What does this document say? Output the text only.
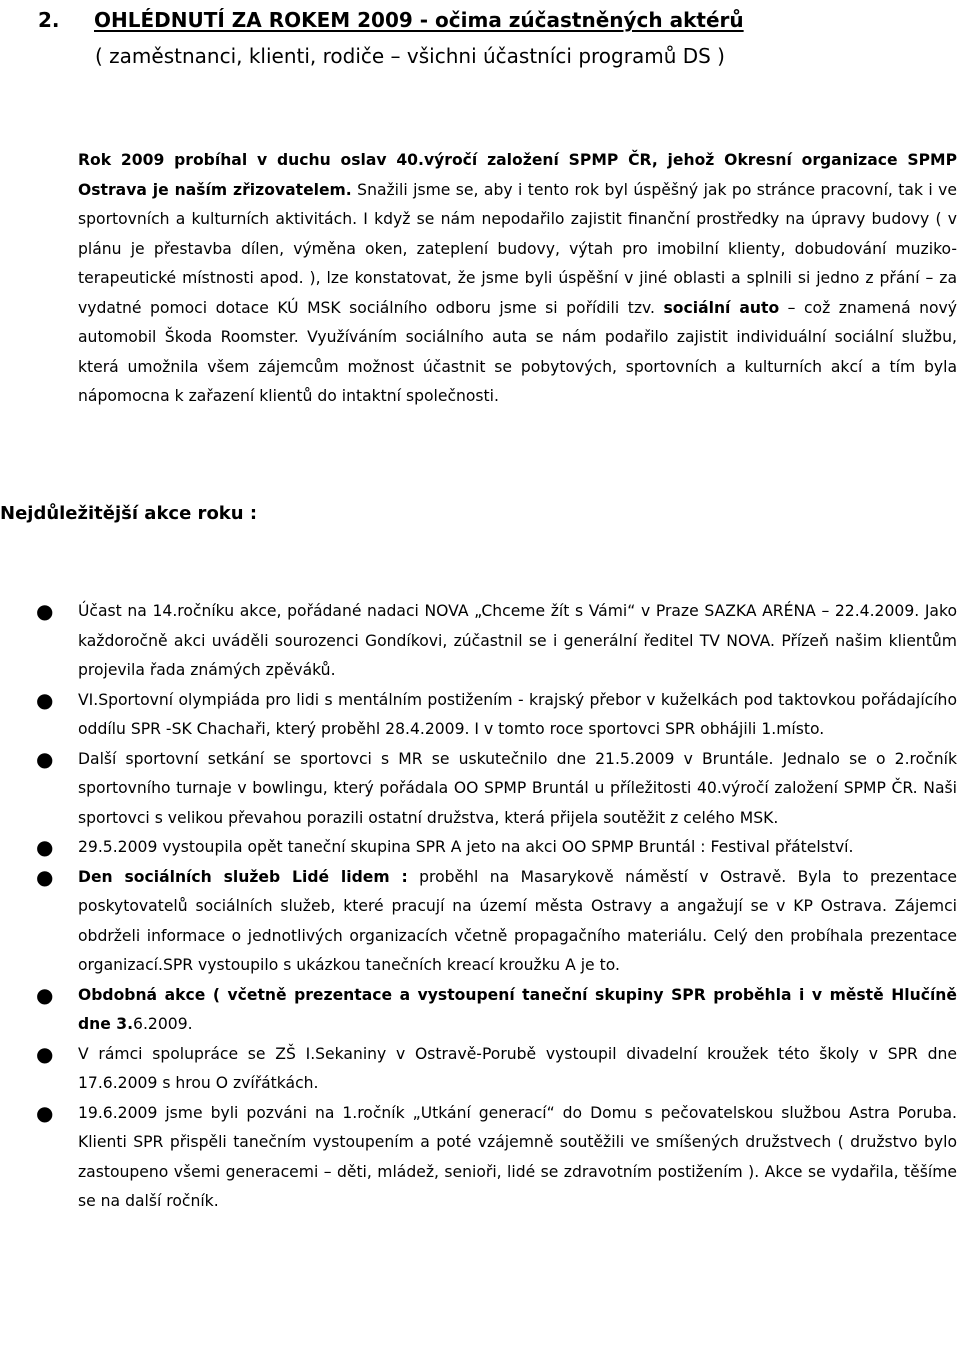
2. OHLÉDNUTÍ ZA ROKEM 2009 - očima zúčastněných aktérů
( zaměstnanci, klienti, rodiče – všichni účastníci programů DS )

Rok 2009 probíhal v duchu oslav 40.výročí založení SPMP ČR, jehož Okresní organizace SPMP Ostrava je naším zřizovatelem. Snažili jsme se, aby i tento rok byl úspěšný jak po stránce pracovní, tak i ve sportovních a kulturních aktivitách. I když se nám nepodařilo zajistit finanční prostředky na úpravy budovy ( v plánu je přestavba dílen, výměna oken, zateplení budovy, výtah pro imobilní klienty, dobudování muziko-terapeutické místnosti apod. ), lze konstatovat, že jsme byli úspěšní v jiné oblasti a splnili si jedno z přání – za vydatné pomoci dotace KÚ MSK sociálního odboru jsme si pořídili tzv. sociální auto – což znamená nový automobil Škoda Roomster. Využíváním sociálního auta se nám podařilo zajistit individuální sociální službu, která umožnila všem zájemcům možnost účastnit se pobytových, sportovních a kulturních akcí a tím byla nápomocna k zařazení klientů do intaktní společnosti.

Nejdůležitější akce roku :
● Účast na 14.ročníku akce, pořádané nadaci NOVA „Chceme žít s Vámi“ v Praze SAZKA ARÉNA – 22.4.2009. Jako každoročně akci uváděli sourozenci Gondíkovi, zúčastnil se i generální ředitel TV NOVA. Přízeň našim klientům projevila řada známých zpěváků.
● VI.Sportovní olympiáda pro lidi s mentálním postižením - krajský přebor v kuželkách pod taktovkou pořádajícího oddílu SPR -SK Chachaři, který proběhl 28.4.2009. I v tomto roce sportovci SPR obhájili 1.místo.
● Další sportovní setkání se sportovci s MR se uskutečnilo dne 21.5.2009 v Bruntále. Jednalo se o 2.ročník sportovního turnaje v bowlingu, který pořádala OO SPMP Bruntál u příležitosti 40.výročí založení SPMP ČR. Naši sportovci s velikou převahou porazili ostatní družstva, která přijela soutěžit z celého MSK.
● 29.5.2009 vystoupila opět taneční skupina SPR A jeto na akci OO SPMP Bruntál : Festival přátelství.
● Den sociálních služeb Lidé lidem : proběhl na Masarykově náměstí v Ostravě. Byla to prezentace poskytovatelů sociálních služeb, které pracují na území města Ostravy a angažují se v KP Ostrava. Zájemci obdrželi informace o jednotlivých organizacích včetně propagačního materiálu. Celý den probíhala prezentace organizací.SPR vystoupilo s ukázkou tanečních kreací kroužku A je to.
● Obdobná akce ( včetně prezentace a vystoupení taneční skupiny SPR proběhla i v městě Hlučíně dne 3.6.2009.
● V rámci spolupráce se ZŠ I.Sekaniny v Ostravě-Porubě vystoupil divadelní kroužek této školy v SPR dne 17.6.2009 s hrou O zvířátkách.
● 19.6.2009 jsme byli pozváni na 1.ročník „Utkání generací“ do Domu s pečovatelskou službou Astra Poruba. Klienti SPR přispěli tanečním vystoupením a poté vzájemně soutěžili ve smíšených družstvech ( družstvo bylo zastoupeno všemi generacemi – děti, mládež, senioři, lidé se zdravotním postižením ). Akce se vydařila, těšíme se na další ročník.
